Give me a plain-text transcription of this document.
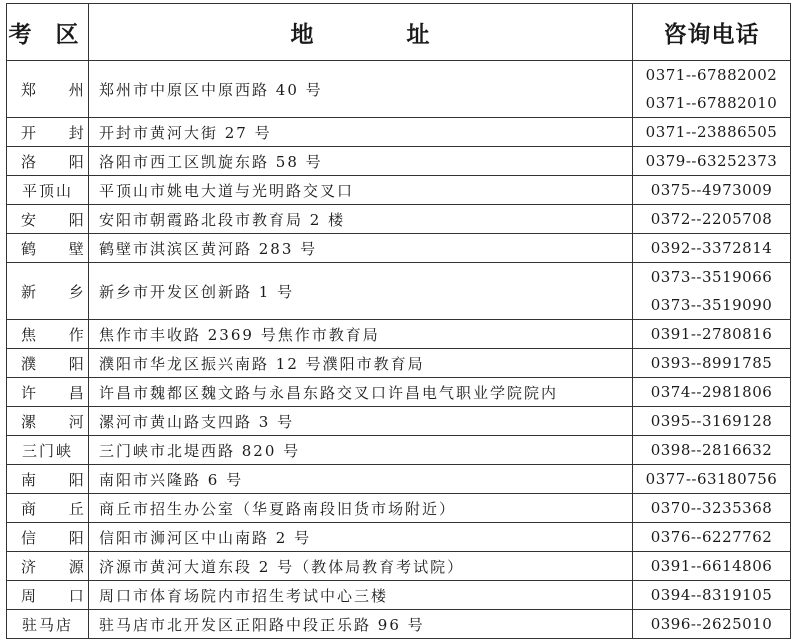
考 区	地 址	咨询电话
郑 州	郑州市中原区中原西路 40 号	0371--67882002
0371--67882010

开 封	开封市黄河大街 27 号	0371--23886505

洛 阳	洛阳市西工区凯旋东路 58 号	0379--63252373

平顶山	平顶山市姚电大道与光明路交叉口	0375--4973009

安 阳	安阳市朝霞路北段市教育局 2 楼	0372--2205708

鹤 壁	鹤壁市淇滨区黄河路 283 号	0392--3372814

新 乡	新乡市开发区创新路 1 号	0373--3519066
0373--3519090

焦 作	焦作市丰收路 2369 号焦作市教育局	0391--2780816

濮 阳	濮阳市华龙区振兴南路 12 号濮阳市教育局	0393--8991785

许 昌	许昌市魏都区魏文路与永昌东路交叉口许昌电气职业学院院内	0374--2981806

漯 河	漯河市黄山路支四路 3 号	0395--3169128

三门峡	三门峡市北堤西路 820 号	0398--2816632

南 阳	南阳市兴隆路 6 号	0377--63180756

商 丘	商丘市招生办公室（华夏路南段旧货市场附近）	0370--3235368

信 阳	信阳市浉河区中山南路 2 号	0376--6227762

济 源	济源市黄河大道东段 2 号（教体局教育考试院）	0391--6614806

周 口	周口市体育场院内市招生考试中心三楼	0394--8319105

驻马店	驻马店市北开发区正阳路中段正乐路 96 号	0396--2625010
